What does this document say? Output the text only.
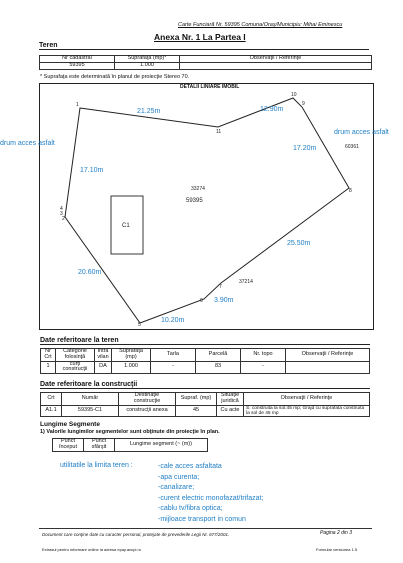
Carte Funciară Nr. 59395 Comuna/Oraş/Municipiu: Mihai Eminescu
Anexa Nr. 1 La Partea I
Teren
Nr cadastral	Suprafaţa (mp)*	Observaţii / Referinţe
59395	1.000	
* Suprafaţa este determinată în planul de proiecţie Stereo 70.
DETALII LINIARE IMOBIL
1
11
10
9
8
7
6
5
2
3
4
21.25m	12.90m
17.20m
17.10m
25.50m
20.60m
3.90m
10.20m
33274
59395
37214
60361
C1
drum acces asfalt
drum acces asfalt
Date referitoare la teren
Nr Crt	Categorie folosinţă	Intra vilan	Suprafaţa (mp)	Tarla	Parcelă	Nr. topo	Observaţii / Referinţe
1	curţi construcţii	DA	1.000	-	83	-	
Date referitoare la construcţii
Crt	Număr	Destinaţie construcţie	Supraf. (mp)	Situaţie juridică	Observaţii / Referinţe
A1.1	59395-C1	construcţii anexa	45	Cu acte	S. construita la sol:45 mp; Grajd cu suprafata construita la sol de 45 mp
Lungime Segmente
1) Valorile lungimilor segmentelor sunt obţinute din proiecţie în plan.
Punct început	Punct sfârşit	Lungime segment (~ (m))
utilitatile la limita teren :	-cale acces asfaltata
-apa curenta;
-canalizare;
-curent electric monofazat/trifazat;
-cablu tv/fibra optica;
-mijloace transport in comun
Document care conţine date cu caracter personal, protejate de prevederile Legii Nr. 677/2001.	Pagina 2 din 3
Extrasul pentru informare online la adresa epay.ancpi.ro	Formular versiunea 1.5
